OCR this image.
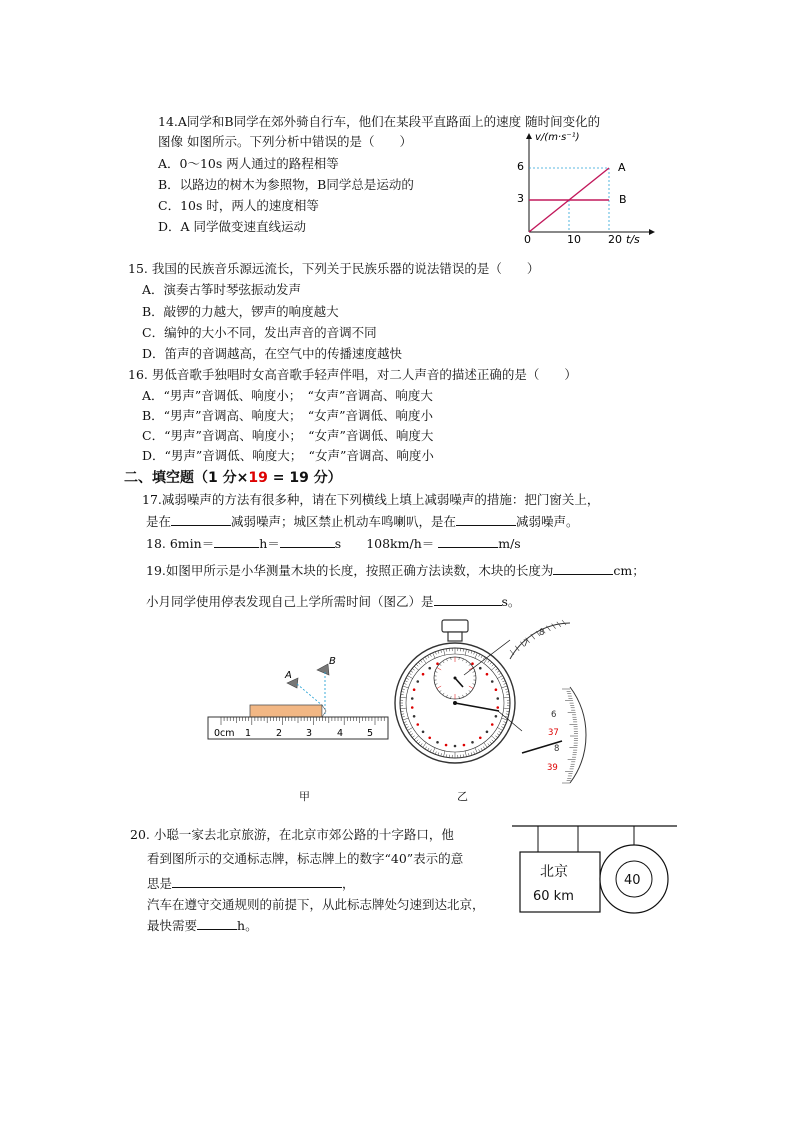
14.A同学和B同学在郊外骑自行车，他们在某段平直路面上的速度 随时间变化的
图像 如图所示。下列分析中错误的是（　　）
A．0～10s 两人通过的路程相等
B．以路边的树木为参照物，B同学总是运动的
C．10s 时，两人的速度相等
D．A 同学做变速直线运动
v/(m·s⁻¹)
t/s
0	10 20
3
6	A
B
15. 我国的民族音乐源远流长，下列关于民族乐器的说法错误的是（　　）
A．演奏古筝时琴弦振动发声
B．敲锣的力越大，锣声的响度越大
C．编钟的大小不同，发出声音的音调不同
D．笛声的音调越高，在空气中的传播速度越快
16. 男低音歌手独唱时女高音歌手轻声伴唱，对二人声音的描述正确的是（　　）
A．“男声”音调低、响度小；　“女声”音调高、响度大
B．“男声”音调高、响度大；　“女声”音调低、响度小
C．“男声”音调高、响度小；　“女声”音调低、响度大
D．“男声”音调低、响度大；　“女声”音调高、响度小
二、填空题（1 分×19 = 19 分）
17.减弱噪声的方法有很多种，请在下列横线上填上减弱噪声的措施：把门窗关上，
是在	减弱噪声；城区禁止机动车鸣喇叭，是在	减弱噪声。
18. 6min＝	h＝	s　　108km/h＝	m/s
19.如图甲所示是小华测量木块的长度，按照正确方法读数，木块的长度为	cm；
小月同学使用停表发现自己上学所需时间（图乙）是	s。
A
B
0cm 1	2	3	4	5
7
8
6
37
8
39
甲	乙
20. 小聪一家去北京旅游，在北京市郊公路的十字路口，他
看到图所示的交通标志牌，标志牌上的数字“40”表示的意
思是	，
汽车在遵守交通规则的前提下，从此标志牌处匀速到达北京，
最快需要	h。
北京
60 km
40
